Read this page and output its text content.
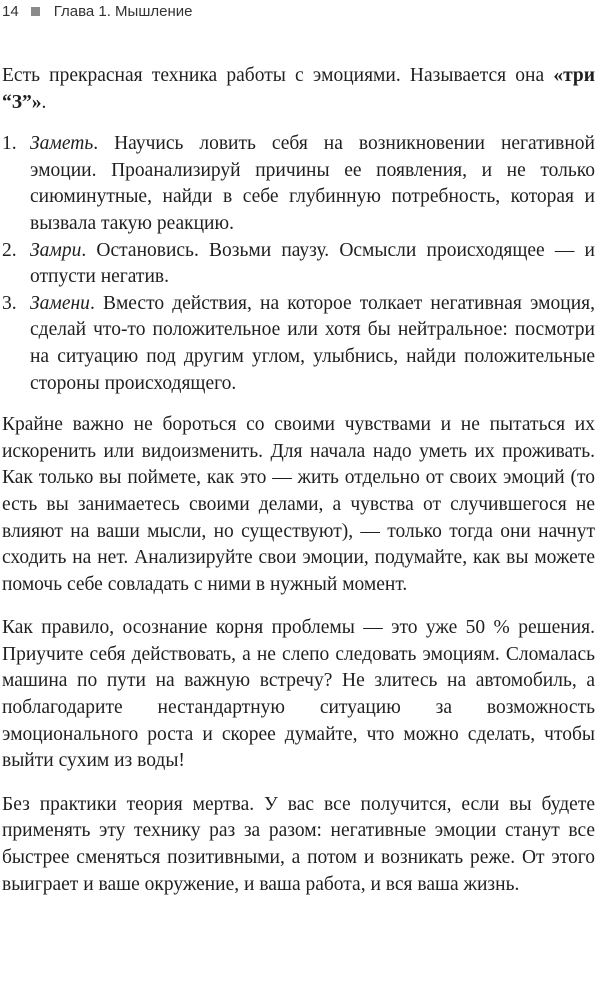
14 Глава 1. Мышление

Есть прекрасная техника работы с эмоциями. Называется она «три “З”».

1. Заметь. Научись ловить себя на возникновении негативной эмоции. Проанализируй причины ее появления, и не только сиюминутные, найди в себе глубинную потребность, которая и вызвала такую реакцию.
2. Замри. Остановись. Возьми паузу. Осмысли происходящее — и отпусти негатив.
3. Замени. Вместо действия, на которое толкает негативная эмоция, сделай что-то положительное или хотя бы нейтральное: посмотри на ситуацию под другим углом, улыбнись, найди положительные стороны происходящего.

Крайне важно не бороться со своими чувствами и не пытаться их искоренить или видоизменить. Для начала надо уметь их проживать. Как только вы поймете, как это — жить отдельно от своих эмоций (то есть вы занимаетесь своими делами, а чувства от случившегося не влияют на ваши мысли, но существуют), — только тогда они начнут сходить на нет. Анализируйте свои эмоции, подумайте, как вы можете помочь себе совладать с ними в нужный момент.

Как правило, осознание корня проблемы — это уже 50 % решения. Приучите себя действовать, а не слепо следовать эмоциям. Сломалась машина по пути на важную встречу? Не злитесь на автомобиль, а поблагодарите нестандартную ситуацию за возможность эмоционального роста и скорее думайте, что можно сделать, чтобы выйти сухим из воды!

Без практики теория мертва. У вас все получится, если вы будете применять эту технику раз за разом: негативные эмоции станут все быстрее сменяться позитивными, а потом и возникать реже. От этого выиграет и ваше окружение, и ваша работа, и вся ваша жизнь.
